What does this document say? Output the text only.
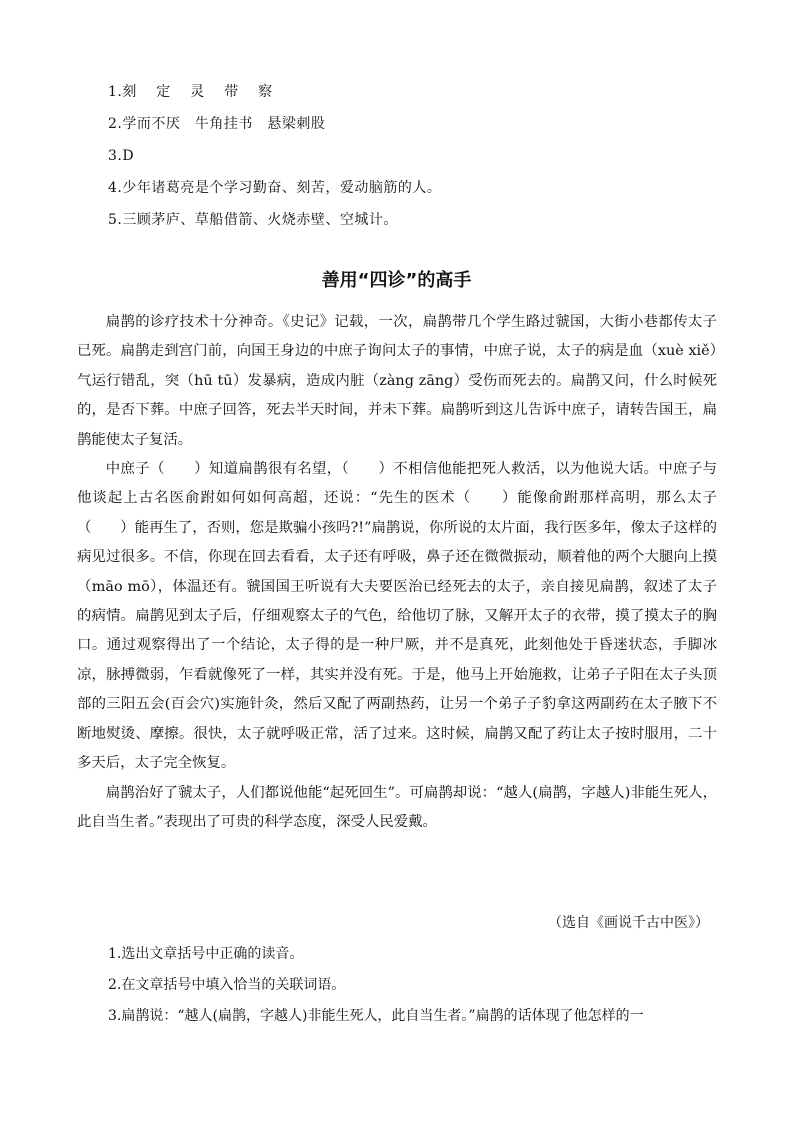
1.刻　 定　 灵　 带　 察

2.学而不厌　牛角挂书　悬梁刺股

3.D

4.少年诸葛亮是个学习勤奋、刻苦，爱动脑筋的人。

5.三顾茅庐、草船借箭、火烧赤壁、空城计。

善用“四诊”的高手

扁鹊的诊疗技术十分神奇。《史记》记载，一次，扁鹊带几个学生路过虢国，大街小巷都传太子已死。扁鹊走到宫门前，向国王身边的中庶子询问太子的事情，中庶子说，太子的病是血（xuè xiě）气运行错乱，突（hū tū）发暴病，造成内脏（zàng zāng）受伤而死去的。扁鹊又问，什么时候死的，是否下葬。中庶子回答，死去半天时间，并未下葬。扁鹊听到这儿告诉中庶子，请转告国王，扁鹊能使太子复活。

中庶子（　　）知道扁鹊很有名望，（　　）不相信他能把死人救活，以为他说大话。中庶子与他谈起上古名医俞跗如何如何高超，还说：“先生的医术（　　）能像俞跗那样高明，那么太子（　　）能再生了，否则，您是欺骗小孩吗?!”扁鹊说，你所说的太片面，我行医多年，像太子这样的病见过很多。不信，你现在回去看看，太子还有呼吸，鼻子还在微微振动，顺着他的两个大腿向上摸（māo mō），体温还有。虢国国王听说有大夫要医治已经死去的太子，亲自接见扁鹊，叙述了太子的病情。扁鹊见到太子后，仔细观察太子的气色，给他切了脉，又解开太子的衣带，摸了摸太子的胸口。通过观察得出了一个结论，太子得的是一种尸厥，并不是真死，此刻他处于昏迷状态，手脚冰凉，脉搏微弱，乍看就像死了一样，其实并没有死。于是，他马上开始施救，让弟子子阳在太子头顶部的三阳五会(百会穴)实施针灸，然后又配了两副热药，让另一个弟子子豹拿这两副药在太子腋下不断地熨烫、摩擦。很快，太子就呼吸正常，活了过来。这时候，扁鹊又配了药让太子按时服用，二十多天后，太子完全恢复。

扁鹊治好了虢太子，人们都说他能“起死回生”。可扁鹊却说：“越人(扁鹊，字越人)非能生死人，此自当生者。”表现出了可贵的科学态度，深受人民爱戴。

（选自《画说千古中医》）

1.选出文章括号中正确的读音。

2.在文章括号中填入恰当的关联词语。

3.扁鹊说：“越人(扁鹊，字越人)非能生死人，此自当生者。”扁鹊的话体现了他怎样的一
